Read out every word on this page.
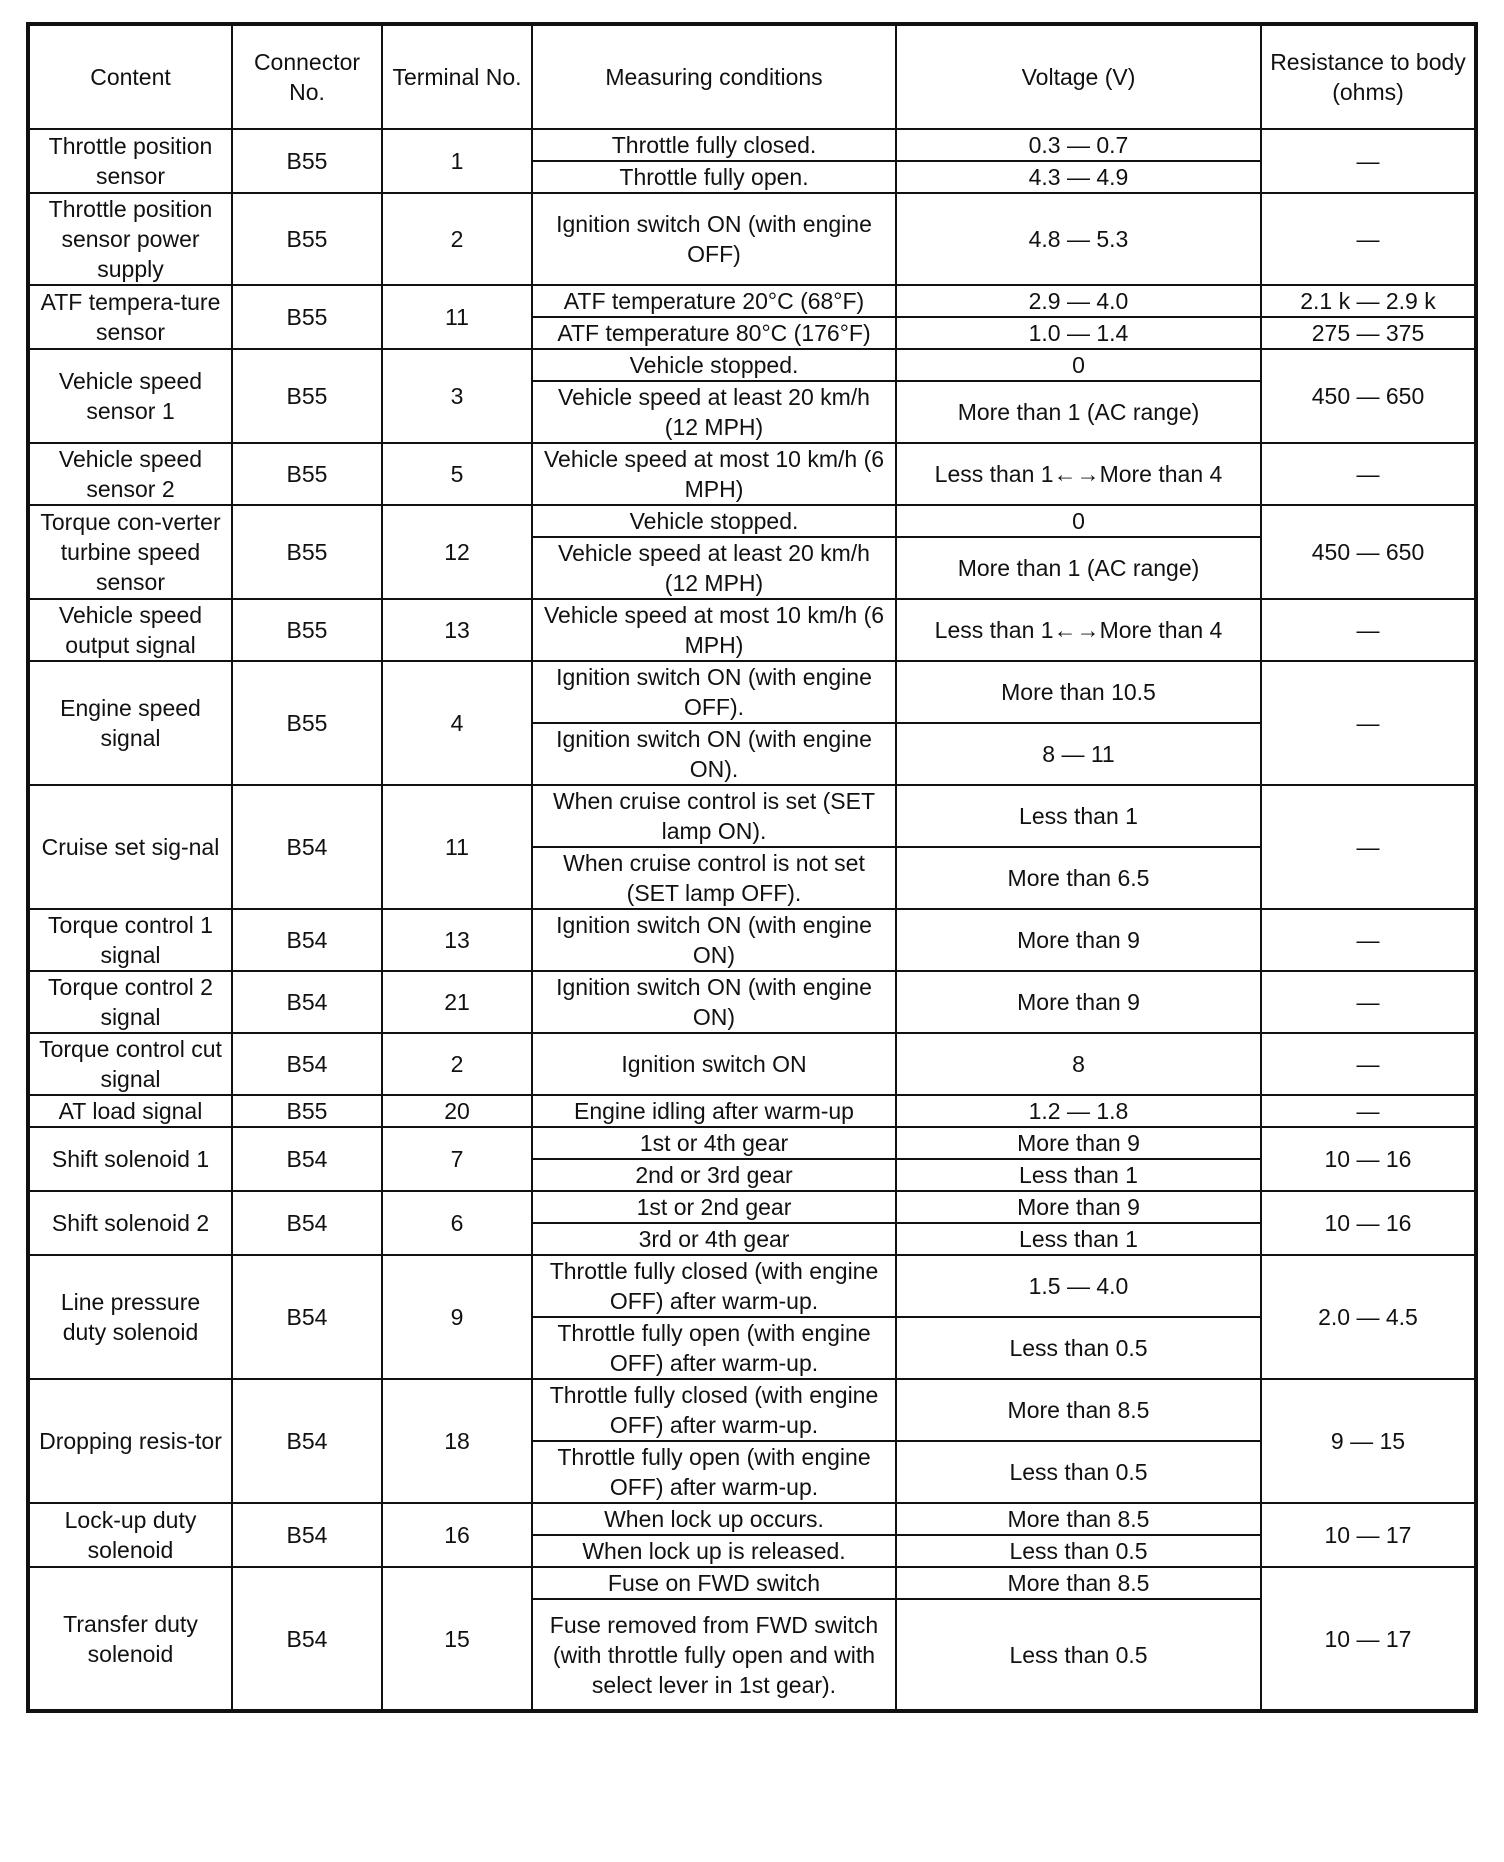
Content	Connector No.	Terminal No.	Measuring conditions	Voltage (V)	Resistance to body (ohms)
Throttle position sensor	B55	1	Throttle fully closed.	0.3 — 0.7	—
			Throttle fully open.	4.3 — 4.9	
Throttle position sensor power supply	B55	2	Ignition switch ON (with engine OFF)	4.8 — 5.3	—
ATF tempera-ture sensor	B55	11	ATF temperature 20°C (68°F)	2.9 — 4.0	2.1 k — 2.9 k
			ATF temperature 80°C (176°F)	1.0 — 1.4	275 — 375
Vehicle speed sensor 1	B55	3	Vehicle stopped.	0	450 — 650
			Vehicle speed at least 20 km/h (12 MPH)	More than 1 (AC range)	
Vehicle speed sensor 2	B55	5	Vehicle speed at most 10 km/h (6 MPH)	Less than 1←→More than 4	—
Torque con-verter turbine speed sensor	B55	12	Vehicle stopped.	0	450 — 650
			Vehicle speed at least 20 km/h (12 MPH)	More than 1 (AC range)	
Vehicle speed output signal	B55	13	Vehicle speed at most 10 km/h (6 MPH)	Less than 1←→More than 4	—
Engine speed signal	B55	4	Ignition switch ON (with engine OFF).	More than 10.5	—
			Ignition switch ON (with engine ON).	8 — 11	
Cruise set sig-nal	B54	11	When cruise control is set (SET lamp ON).	Less than 1	—
			When cruise control is not set (SET lamp OFF).	More than 6.5	
Torque control 1 signal	B54	13	Ignition switch ON (with engine ON)	More than 9	—
Torque control 2 signal	B54	21	Ignition switch ON (with engine ON)	More than 9	—
Torque control cut signal	B54	2	Ignition switch ON	8	—
AT load signal	B55	20	Engine idling after warm-up	1.2 — 1.8	—
Shift solenoid 1	B54	7	1st or 4th gear	More than 9	10 — 16
			2nd or 3rd gear	Less than 1	
Shift solenoid 2	B54	6	1st or 2nd gear	More than 9	10 — 16
			3rd or 4th gear	Less than 1	
Line pressure duty solenoid	B54	9	Throttle fully closed (with engine OFF) after warm-up.	1.5 — 4.0	2.0 — 4.5
			Throttle fully open (with engine OFF) after warm-up.	Less than 0.5	
Dropping resis-tor	B54	18	Throttle fully closed (with engine OFF) after warm-up.	More than 8.5	9 — 15
			Throttle fully open (with engine OFF) after warm-up.	Less than 0.5	
Lock-up duty solenoid	B54	16	When lock up occurs.	More than 8.5	10 — 17
			When lock up is released.	Less than 0.5	
Transfer duty solenoid	B54	15	Fuse on FWD switch	More than 8.5	10 — 17
			Fuse removed from FWD switch (with throttle fully open and with select lever in 1st gear).	Less than 0.5	
